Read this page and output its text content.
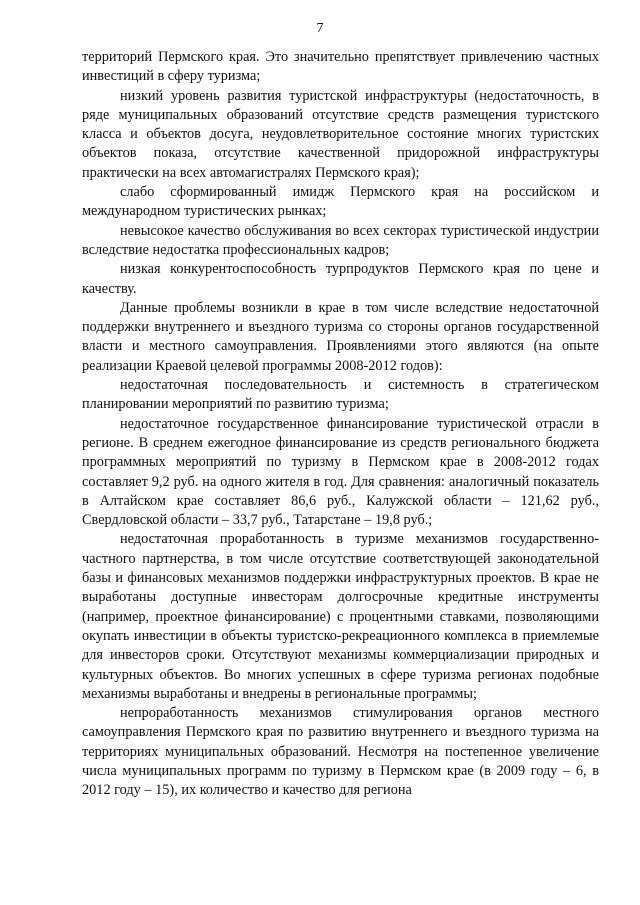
7

территорий Пермского края. Это значительно препятствует привлечению частных инвестиций в сферу туризма;

низкий уровень развития туристской инфраструктуры (недостаточность, в ряде муниципальных образований отсутствие средств размещения туристского класса и объектов досуга, неудовлетворительное состояние многих туристских объектов показа, отсутствие качественной придорожной инфраструктуры практически на всех автомагистралях Пермского края);

слабо сформированный имидж Пермского края на российском и международном туристических рынках;

невысокое качество обслуживания во всех секторах туристической индустрии вследствие недостатка профессиональных кадров;

низкая конкурентоспособность турпродуктов Пермского края по цене и качеству.

Данные проблемы возникли в крае в том числе вследствие недостаточной поддержки внутреннего и въездного туризма со стороны органов государственной власти и местного самоуправления. Проявлениями этого являются (на опыте реализации Краевой целевой программы 2008-2012 годов):

недостаточная последовательность и системность в стратегическом планировании мероприятий по развитию туризма;

недостаточное государственное финансирование туристической отрасли в регионе. В среднем ежегодное финансирование из средств регионального бюджета программных мероприятий по туризму в Пермском крае в 2008-2012 годах составляет 9,2 руб. на одного жителя в год. Для сравнения: аналогичный показатель в Алтайском крае составляет 86,6 руб., Калужской области – 121,62 руб., Свердловской области – 33,7 руб., Татарстане – 19,8 руб.;

недостаточная проработанность в туризме механизмов государственно-частного партнерства, в том числе отсутствие соответствующей законодательной базы и финансовых механизмов поддержки инфраструктурных проектов. В крае не выработаны доступные инвесторам долгосрочные кредитные инструменты (например, проектное финансирование) с процентными ставками, позволяющими окупать инвестиции в объекты туристско-рекреационного комплекса в приемлемые для инвесторов сроки. Отсутствуют механизмы коммерциализации природных и культурных объектов. Во многих успешных в сфере туризма регионах подобные механизмы выработаны и внедрены в региональные программы;

непроработанность механизмов стимулирования органов местного самоуправления Пермского края по развитию внутреннего и въездного туризма на территориях муниципальных образований. Несмотря на постепенное увеличение числа муниципальных программ по туризму в Пермском крае (в 2009 году – 6, в 2012 году – 15), их количество и качество для региона
